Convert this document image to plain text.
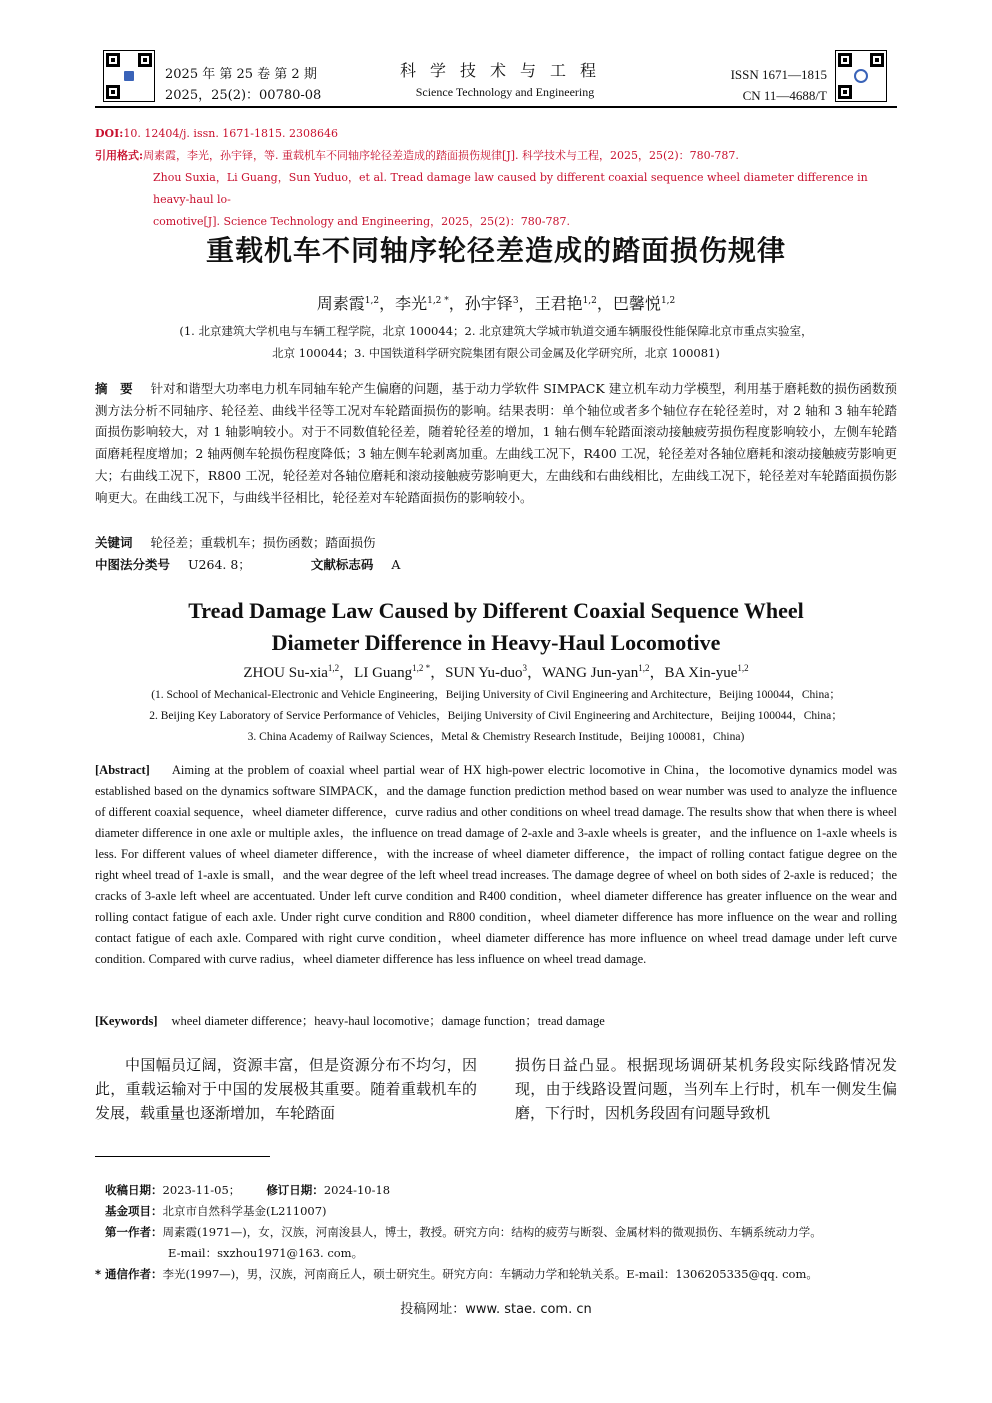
2025 年 第 25 卷 第 2 期
2025，25(2)：00780-08
科学技术与工程
Science Technology and Engineering
ISSN 1671—1815
CN 11—4688/T
DOI:10. 12404/j. issn. 1671-1815. 2308646
引用格式:周素霞，李光，孙宇铎，等. 重载机车不同轴序轮径差造成的踏面损伤规律[J]. 科学技术与工程，2025，25(2)：780-787.
Zhou Suxia，Li Guang，Sun Yuduo，et al. Tread damage law caused by different coaxial sequence wheel diameter difference in heavy-haul lo-
comotive[J]. Science Technology and Engineering，2025，25(2)：780-787.
重载机车不同轴序轮径差造成的踏面损伤规律
周素霞$^{1,2}$，李光$^{1,2 *}$，孙宇铎$^3$，王君艳$^{1,2}$，巴馨悦$^{1,2}$
(1. 北京建筑大学机电与车辆工程学院，北京 100044；2. 北京建筑大学城市轨道交通车辆服役性能保障北京市重点实验室，
北京 100044；3. 中国铁道科学研究院集团有限公司金属及化学研究所，北京 100081)
摘　要 针对和谐型大功率电力机车同轴车轮产生偏磨的问题，基于动力学软件 SIMPACK 建立机车动力学模型，利用基于磨耗数的损伤函数预测方法分析不同轴序、轮径差、曲线半径等工况对车轮踏面损伤的影响。结果表明：单个轴位或者多个轴位存在轮径差时，对 2 轴和 3 轴车轮踏面损伤影响较大，对 1 轴影响较小。对于不同数值轮径差，随着轮径差的增加，1 轴右侧车轮踏面滚动接触疲劳损伤程度影响较小，左侧车轮踏面磨耗程度增加；2 轴两侧车轮损伤程度降低；3 轴左侧车轮剥离加重。左曲线工况下，R400 工况，轮径差对各轴位磨耗和滚动接触疲劳影响更大；右曲线工况下，R800 工况，轮径差对各轴位磨耗和滚动接触疲劳影响更大，左曲线和右曲线相比，左曲线工况下，轮径差对车轮踏面损伤影响更大。在曲线工况下，与曲线半径相比，轮径差对车轮踏面损伤的影响较小。
关键词 轮径差；重载机车；损伤函数；踏面损伤
中图法分类号 U264. 8；	文献标志码 A
Tread Damage Law Caused by Different Coaxial Sequence Wheel
Diameter Difference in Heavy-Haul Locomotive
ZHOU Su-xia$^{1,2}$，LI Guang$^{1,2 *}$，SUN Yu-duo$^3$，WANG Jun-yan$^{1,2}$，BA Xin-yue$^{1,2}$
(1. School of Mechanical-Electronic and Vehicle Engineering，Beijing University of Civil Engineering and Architecture，Beijing 100044，China；
2. Beijing Key Laboratory of Service Performance of Vehicles，Beijing University of Civil Engineering and Architecture，Beijing 100044，China；
3. China Academy of Railway Sciences，Metal & Chemistry Research Institude，Beijing 100081，China)
[Abstract] Aiming at the problem of coaxial wheel partial wear of HX high-power electric locomotive in China，the locomotive dynamics model was established based on the dynamics software SIMPACK，and the damage function prediction method based on wear number was used to analyze the influence of different coaxial sequence，wheel diameter difference，curve radius and other conditions on wheel tread damage. The results show that when there is wheel diameter difference in one axle or multiple axles，the influence on tread damage of 2-axle and 3-axle wheels is greater，and the influence on 1-axle wheels is less. For different values of wheel diameter difference，with the increase of wheel diameter difference，the impact of rolling contact fatigue degree on the right wheel tread of 1-axle is small，and the wear degree of the left wheel tread increases. The damage degree of wheel on both sides of 2-axle is reduced；the cracks of 3-axle left wheel are accentuated. Under left curve condition and R400 condition，wheel diameter difference has greater influence on the wear and rolling contact fatigue of each axle. Under right curve condition and R800 condition，wheel diameter difference has more influence on the wear and rolling contact fatigue of each axle. Compared with right curve condition，wheel diameter difference has more influence on wheel tread damage under left curve condition. Compared with curve radius，wheel diameter difference has less influence on wheel tread damage.
[Keywords] wheel diameter difference；heavy-haul locomotive；damage function；tread damage
中国幅员辽阔，资源丰富，但是资源分布不均匀，因此，重载运输对于中国的发展极其重要。随着重载机车的发展，载重量也逐渐增加，车轮踏面
损伤日益凸显。根据现场调研某机务段实际线路情况发现，由于线路设置问题，当列车上行时，机车一侧发生偏磨，下行时，因机务段固有问题导致机
收稿日期：2023-11-05； 修订日期：2024-10-18
基金项目：北京市自然科学基金(L211007)
第一作者：周素霞(1971—)，女，汉族，河南浚县人，博士，教授。研究方向：结构的疲劳与断裂、金属材料的微观损伤、车辆系统动力学。
E-mail：sxzhou1971@163. com。
* 通信作者：李光(1997—)，男，汉族，河南商丘人，硕士研究生。研究方向：车辆动力学和轮轨关系。E-mail：1306205335@qq. com。
投稿网址：www. stae. com. cn
